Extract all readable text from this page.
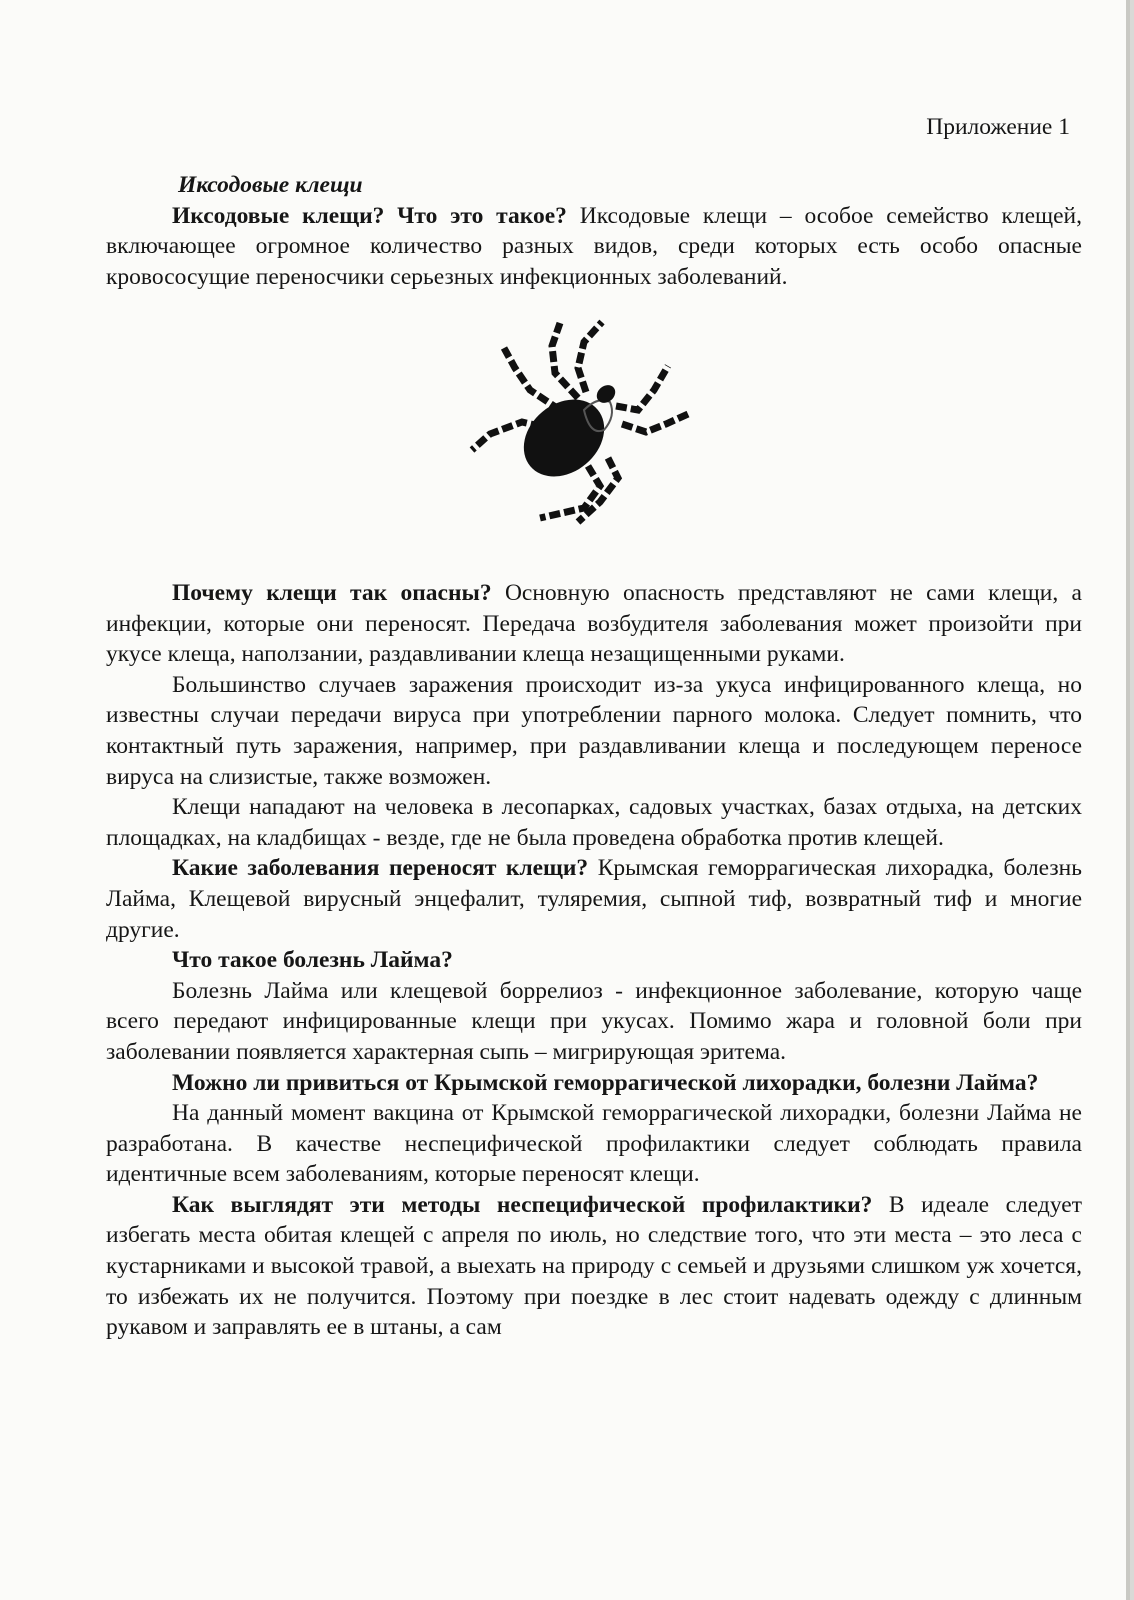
Приложение 1

Иксодовые клещи

Иксодовые клещи? Что это такое? Иксодовые клещи – особое семейство клещей, включающее огромное количество разных видов, среди которых есть особо опасные кровососущие переносчики серьезных инфекционных заболеваний.

Почему клещи так опасны? Основную опасность представляют не сами клещи, а инфекции, которые они переносят. Передача возбудителя заболевания может произойти при укусе клеща, наползании, раздавливании клеща незащищенными руками.

Большинство случаев заражения происходит из-за укуса инфицированного клеща, но известны случаи передачи вируса при употреблении парного молока. Следует помнить, что контактный путь заражения, например, при раздавливании клеща и последующем переносе вируса на слизистые, также возможен.

Клещи нападают на человека в лесопарках, садовых участках, базах отдыха, на детских площадках, на кладбищах - везде, где не была проведена обработка против клещей.

Какие заболевания переносят клещи? Крымская геморрагическая лихорадка, болезнь Лайма, Клещевой вирусный энцефалит, туляремия, сыпной тиф, возвратный тиф и многие другие.

Что такое болезнь Лайма?

Болезнь Лайма или клещевой боррелиоз - инфекционное заболевание, которую чаще всего передают инфицированные клещи при укусах. Помимо жара и головной боли при заболевании появляется характерная сыпь – мигрирующая эритема.

Можно ли привиться от Крымской геморрагической лихорадки, болезни Лайма?

На данный момент вакцина от Крымской геморрагической лихорадки, болезни Лайма не разработана. В качестве неспецифической профилактики следует соблюдать правила идентичные всем заболеваниям, которые переносят клещи.

Как выглядят эти методы неспецифической профилактики? В идеале следует избегать места обитая клещей с апреля по июль, но следствие того, что эти места – это леса с кустарниками и высокой травой, а выехать на природу с семьей и друзьями слишком уж хочется, то избежать их не получится. Поэтому при поездке в лес стоит надевать одежду с длинным рукавом и заправлять ее в штаны, а сам
